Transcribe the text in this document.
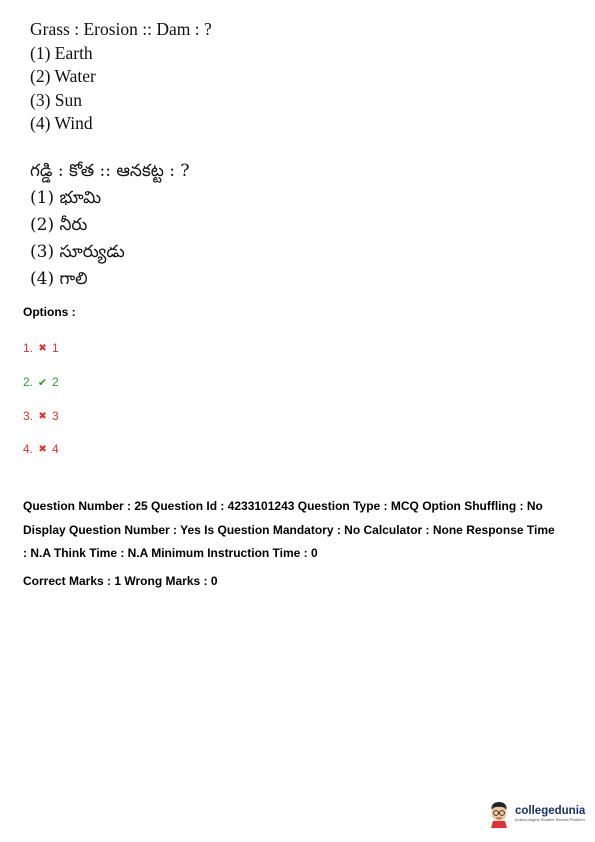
Grass : Erosion :: Dam : ?
(1) Earth
(2) Water
(3) Sun
(4) Wind
గడ్డి : కోత :: ఆనకట్ట : ?
(1) భూమి
(2) నీరు
(3) సూర్యుడు
(4) గాలి
Options :
1. ✖ 1
2. ✔ 2
3. ✖ 3
4. ✖ 4
Question Number : 25 Question Id : 4233101243 Question Type : MCQ Option Shuffling : No
Display Question Number : Yes Is Question Mandatory : No Calculator : None Response Time
: N.A Think Time : N.A Minimum Instruction Time : 0
Correct Marks : 1 Wrong Marks : 0
collegedunia
India's largest Student Review Platform
